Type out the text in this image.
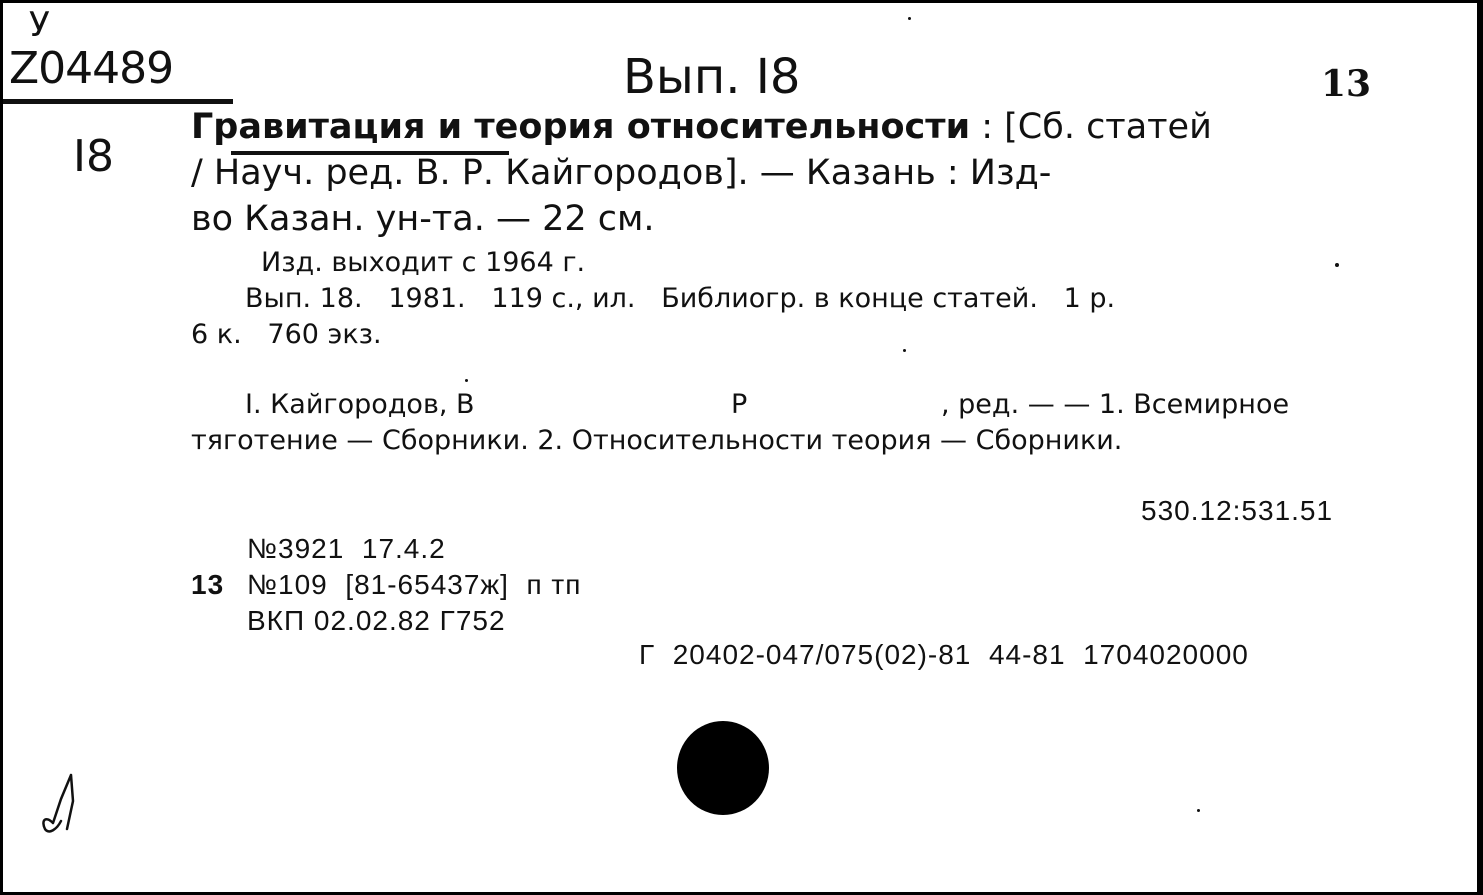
У
Z04489
I8
Вып. I8	13
Гравитация и теория относительности : [Сб. статей
/ Науч. ред. В. Р. Кайгородов]. — Казань : Изд-
во Казан. ун-та. — 22 см.
Изд. выходит с 1964 г.
Вып. 18.   1981.   119 с., ил.   Библиогр. в конце статей.   1 р.
6 к.   760 экз.
I. Кайгородов, В	Р	, ред. — — 1. Всемирное
тяготение — Сборники. 2. Относительности теория — Сборники.
530.12:531.51
№3921  17.4.2
13 №109  [81-65437ж]  п тп
ВКП 02.02.82 Г752
Г  20402-047/075(02)-81  44-81  1704020000
